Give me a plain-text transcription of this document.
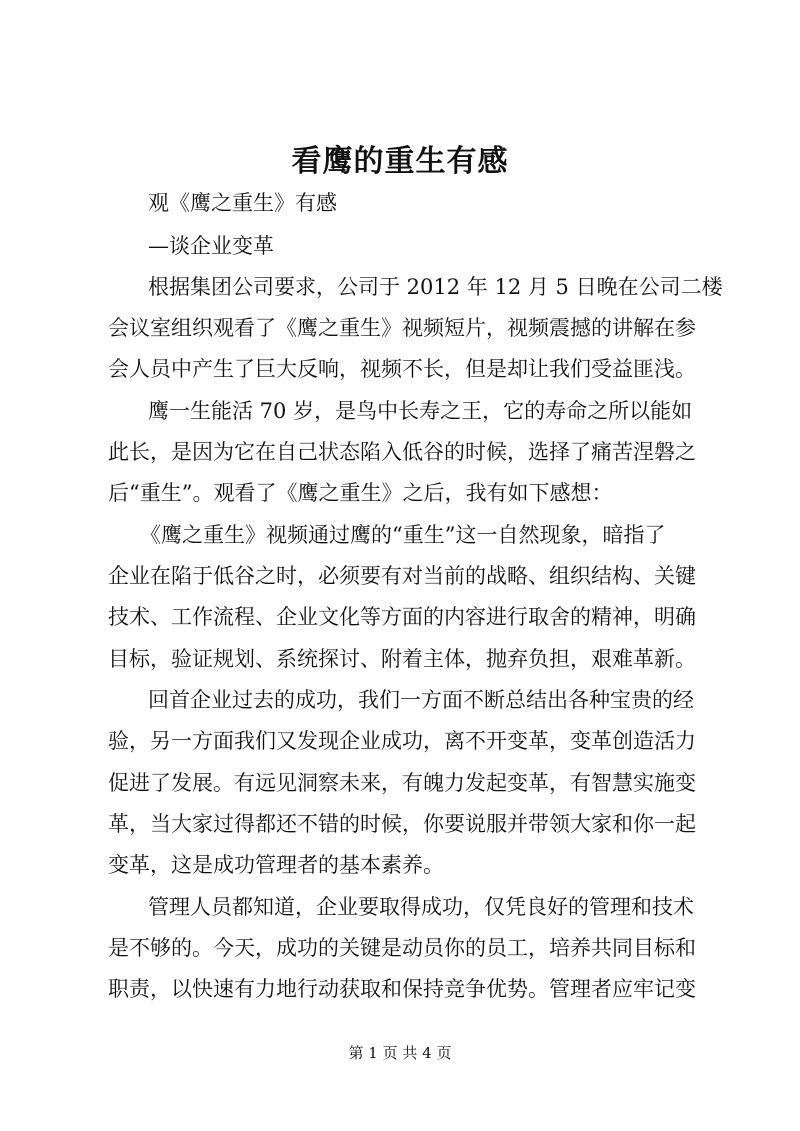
看鹰的重生有感
观《鹰之重生》有感
—谈企业变革
根据集团公司要求，公司于 2012 年 12 月 5 日晚在公司二楼
会议室组织观看了《鹰之重生》视频短片，视频震撼的讲解在参
会人员中产生了巨大反响，视频不长，但是却让我们受益匪浅。
鹰一生能活 70 岁，是鸟中长寿之王，它的寿命之所以能如
此长，是因为它在自己状态陷入低谷的时候，选择了痛苦涅磐之
后“重生”。观看了《鹰之重生》之后，我有如下感想：
《鹰之重生》视频通过鹰的“重生”这一自然现象，暗指了
企业在陷于低谷之时，必须要有对当前的战略、组织结构、关键
技术、工作流程、企业文化等方面的内容进行取舍的精神，明确
目标，验证规划、系统探讨、附着主体，抛弃负担，艰难革新。
回首企业过去的成功，我们一方面不断总结出各种宝贵的经
验，另一方面我们又发现企业成功，离不开变革，变革创造活力
促进了发展。有远见洞察未来，有魄力发起变革，有智慧实施变
革，当大家过得都还不错的时候，你要说服并带领大家和你一起
变革，这是成功管理者的基本素养。
管理人员都知道，企业要取得成功，仅凭良好的管理和技术
是不够的。今天，成功的关键是动员你的员工，培养共同目标和
职责，以快速有力地行动获取和保持竞争优势。管理者应牢记变
第 1 页 共 4 页
